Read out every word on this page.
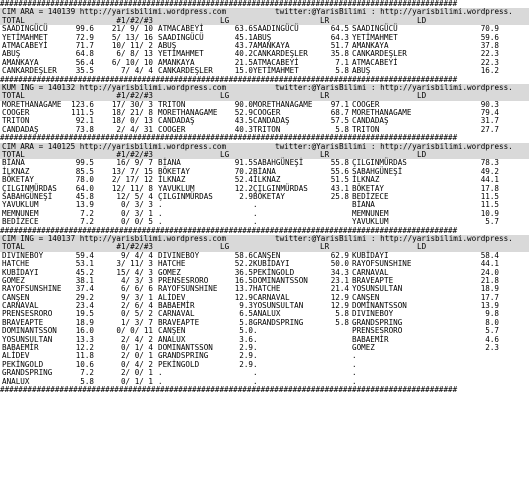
####################################################################################################
CIM ARA = 140139 http://yarisbilimi.wordpress.com	twitter:@YarisBilimi : http://yarisbilimi.wordpress.
TOTAL	#1/#2/#3	LG	LR	LD
SAADINGÜCÜ	99.6	21/ 9/ 10 ATMACABEYİ	63.6 SAADINGÜCÜ	64.5 SAADINGÜCÜ	70.9
YETİMAHMET	72.9	5/ 13/ 16 SAADINGÜCÜ	45.1 ABUŞ	64.3 YETİMAHMET	59.6
ATMACABEYİ	71.7	10/ 11/ 2 ABUŞ	43.7 AMANKAYA	51.7 AMANKAYA	37.8
ABUŞ	64.8	6/ 8/ 13 YETİMAHMET	40.2 CANKARDEŞLER	35.8 CANKARDEŞLER	22.3
AMANKAYA	56.4	6/ 10/ 10 AMANKAYA	21.5 ATMACABEYİ	7.1 ATMACABEYİ	22.3
CANKARDEŞLER	35.5	7/ 4/ 4 CANKARDEŞLER	15.0 YETİMAHMET	5.8 ABUŞ	16.2
####################################################################################################
KUM ING = 140132 http://yarisbilimi.wordpress.com	twitter:@YarisBilimi : http://yarisbilimi.wordpress.
TOTAL	#1/#2/#3	LG	LR	LD
MOREТHANAGAME	123.6	17/ 30/ 3 TRITON	90.0 MOREТHANAGAME	97.1 COOGER	90.3
COOGER	111.5	18/ 21/ 8 MOREТHANAGAME	52.9 COOGER	68.7 MOREТHANAGAME	79.4
TRITON	92.1	18/ 0/ 13 CANDADAŞ	43.5 CANDADAŞ	57.5 CANDADAŞ	31.7
CANDADAŞ	73.8	2/ 4/ 31 COOGER	40.3 TRITON	5.8 TRITON	27.7
####################################################################################################
CIM ARA = 140125 http://yarisbilimi.wordpress.com	twitter:@YarisBilimi : http://yarisbilimi.wordpress.
TOTAL	#1/#2/#3	LG	LR	LD
BİANA	99.5	16/ 9/ 7 BİANA	91.5 SABAHGÜNEŞİ	55.8 ÇILGINMÜRDAS	78.3
İLKNAZ	85.5	13/ 7/ 15 BÖKETAY	70.2 BİANA	55.6 SABAHGÜNEŞİ	49.2
BÖKETAY	78.0	2/ 17/ 12 İLKNAZ	52.4 İLKNAZ	51.5 İLKNAZ	44.1
ÇILGINMÜRDAS	64.0	12/ 11/ 8 YAVUKLUM	12.2 ÇILGINMÜRDAS	43.1 BÖKETAY	17.8
SABAHGÜNEŞİ	45.8	12/ 5/ 4 ÇILGINMÜRDAS	2.9 BÖKETAY	25.8 BEDİZECE	11.5
YAVUKLUM	13.9	0/ 3/ 3 .	.	BİANA	11.5
MEMNUNEM	7.2	0/ 3/ 1 .	.	MEMNUNEM	10.9
BEDİZECE	7.2	0/ 0/ 5 .	.	YAVUKLUM	5.7
####################################################################################################
CIM ING = 140137 http://yarisbilimi.wordpress.com	twitter:@YarisBilimi : http://yarisbilimi.wordpress.
TOTAL	#1/#2/#3	LG	LR	LD
DIVINEBOY	59.4	9/ 4/ 4 DIVINEBOY	58.6 CANŞEN	62.9 KUBİDAYI	58.4
HATCHE	53.1	3/ 11/ 3 HATCHE	52.2 KUBİDAYI	50.0 RAYOFSUNSHINE	44.1
KUBİDAYI	45.2	15/ 4/ 3 GOMEZ	36.5 PEKİNGOLD	34.3 CARNAVAL	24.0
GOMEZ	38.1	4/ 3/ 3 PRENSESRORO	16.5 DOMINANTSSON	23.1 BRAVEAPTE	21.8
RAYOFSUNSHINE	37.4	6/ 6/ 6 RAYOFSUNSHINE	13.7 HATCHE	21.4 YOSUNSULTAN	18.9
CANŞEN	29.2	9/ 3/ 1 ALİDEV	12.9 CARNAVAL	12.9 CANŞEN	17.7
CARNAVAL	23.4	2/ 6/ 4 BABAEMİR	9.3 YOSUNSULTAN	12.9 DOMINANTSSON	13.9
PRENSESRORO	19.5	0/ 5/ 2 CARNAVAL	6.5 ANALUX	5.8 DIVINEBOY	9.8
BRAVEAPTE	18.9	1/ 3/ 7 BRAVEAPTE	5.8 GRANDSPRING	5.8 GRANDSPRING	8.0
DOMINANTSSON	16.0	0/ 0/ 11 CANŞEN	5.0 .	PRENSESRORO	5.7
YOSUNSULTAN	13.3	2/ 4/ 2 ANALUX	3.6 .	BABAEMİR	4.6
BABAEMİR	12.2	0/ 1/ 4 DOMINANTSSON	2.9 .	GOMEZ	2.3
ALİDEV	11.8	2/ 0/ 1 GRANDSPRING	2.9 .	.
PEKİNGOLD	10.6	0/ 4/ 2 PEKİNGOLD	2.9 .	.
GRANDSPRING	7.2	2/ 0/ 1 .	.	.
ANALUX	5.8	0/ 1/ 1 .	.	.
####################################################################################################
